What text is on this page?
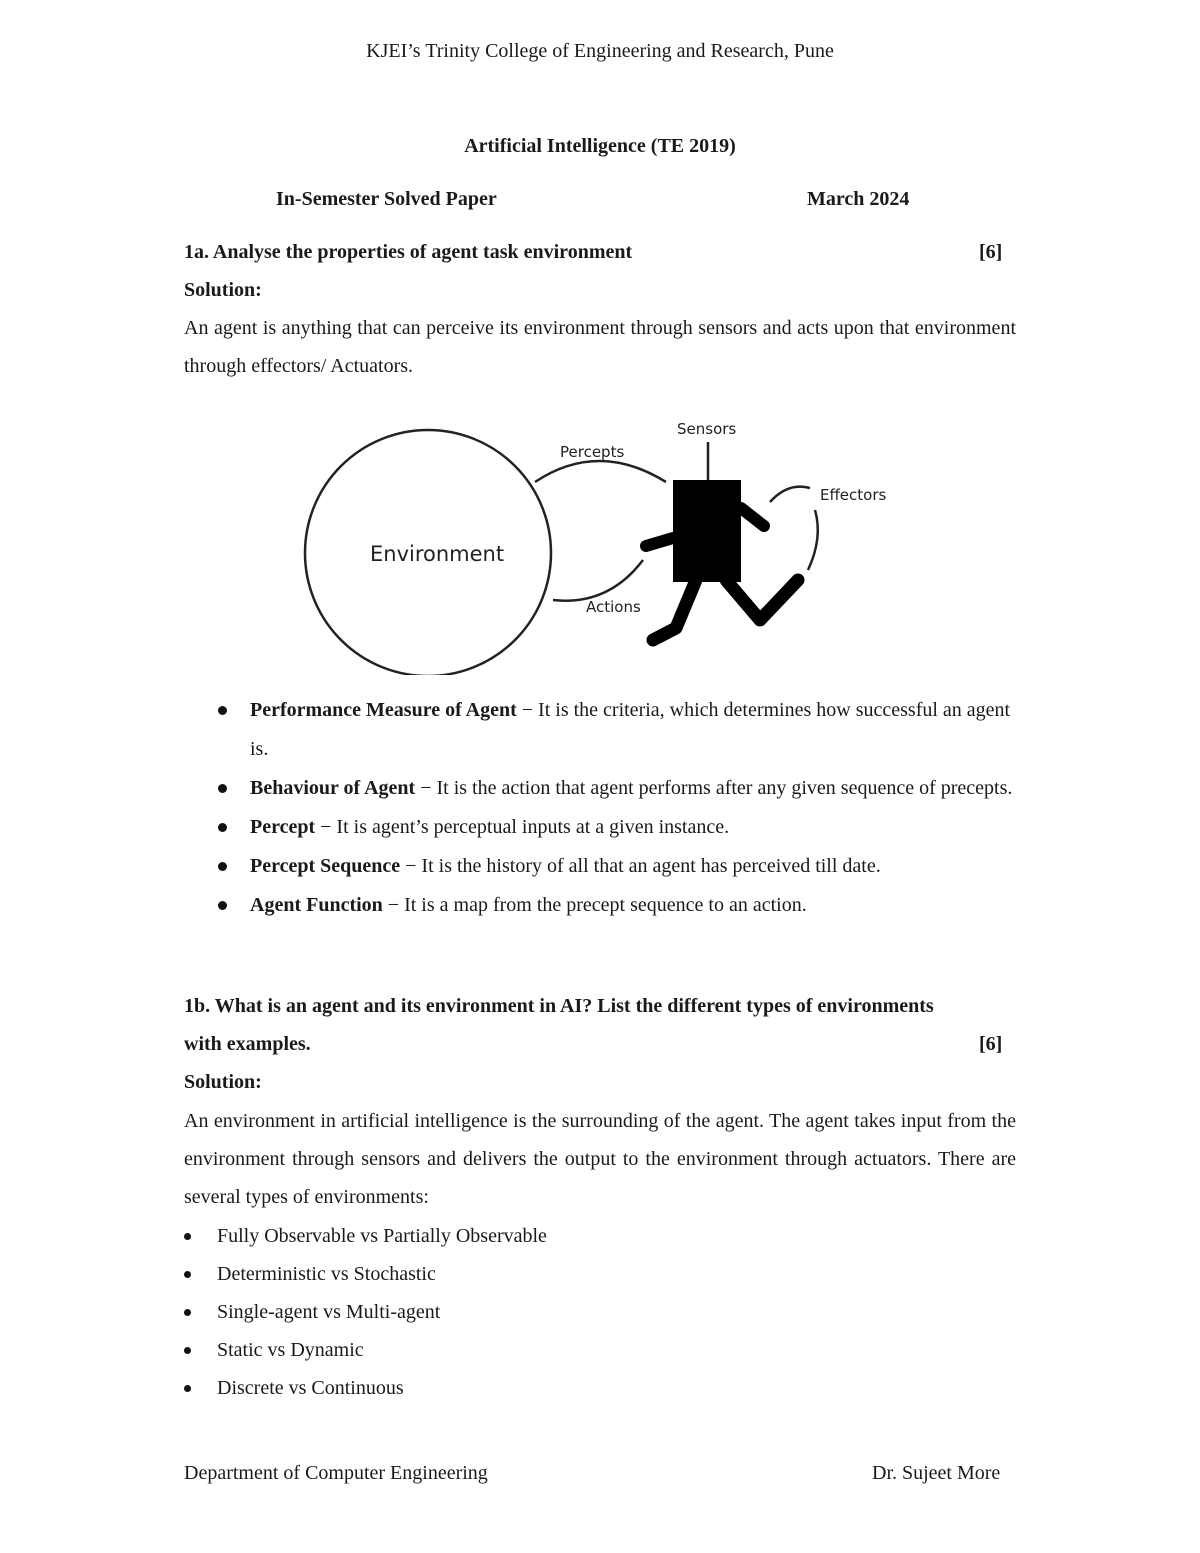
KJEI’s Trinity College of Engineering and Research, Pune
Artificial Intelligence (TE 2019)
In-Semester Solved Paper	March 2024
1a. Analyse the properties of agent task environment	[6]
Solution:
An agent is anything that can perceive its environment through sensors and acts upon that environment through effectors/ Actuators.
Environment
Percepts
Sensors
Actions
Effectors
Performance Measure of Agent − It is the criteria, which determines how successful an agent is.
Behaviour of Agent − It is the action that agent performs after any given sequence of precepts.
Percept − It is agent’s perceptual inputs at a given instance.
Percept Sequence − It is the history of all that an agent has perceived till date.
Agent Function − It is a map from the precept sequence to an action.
1b. What is an agent and its environment in AI? List the different types of environments
with examples.	[6]
Solution:
An environment in artificial intelligence is the surrounding of the agent. The agent takes input from the environment through sensors and delivers the output to the environment through actuators. There are several types of environments:
Fully Observable vs Partially Observable
Deterministic vs Stochastic
Single-agent vs Multi-agent
Static vs Dynamic
Discrete vs Continuous
Department of Computer Engineering	Dr. Sujeet More
